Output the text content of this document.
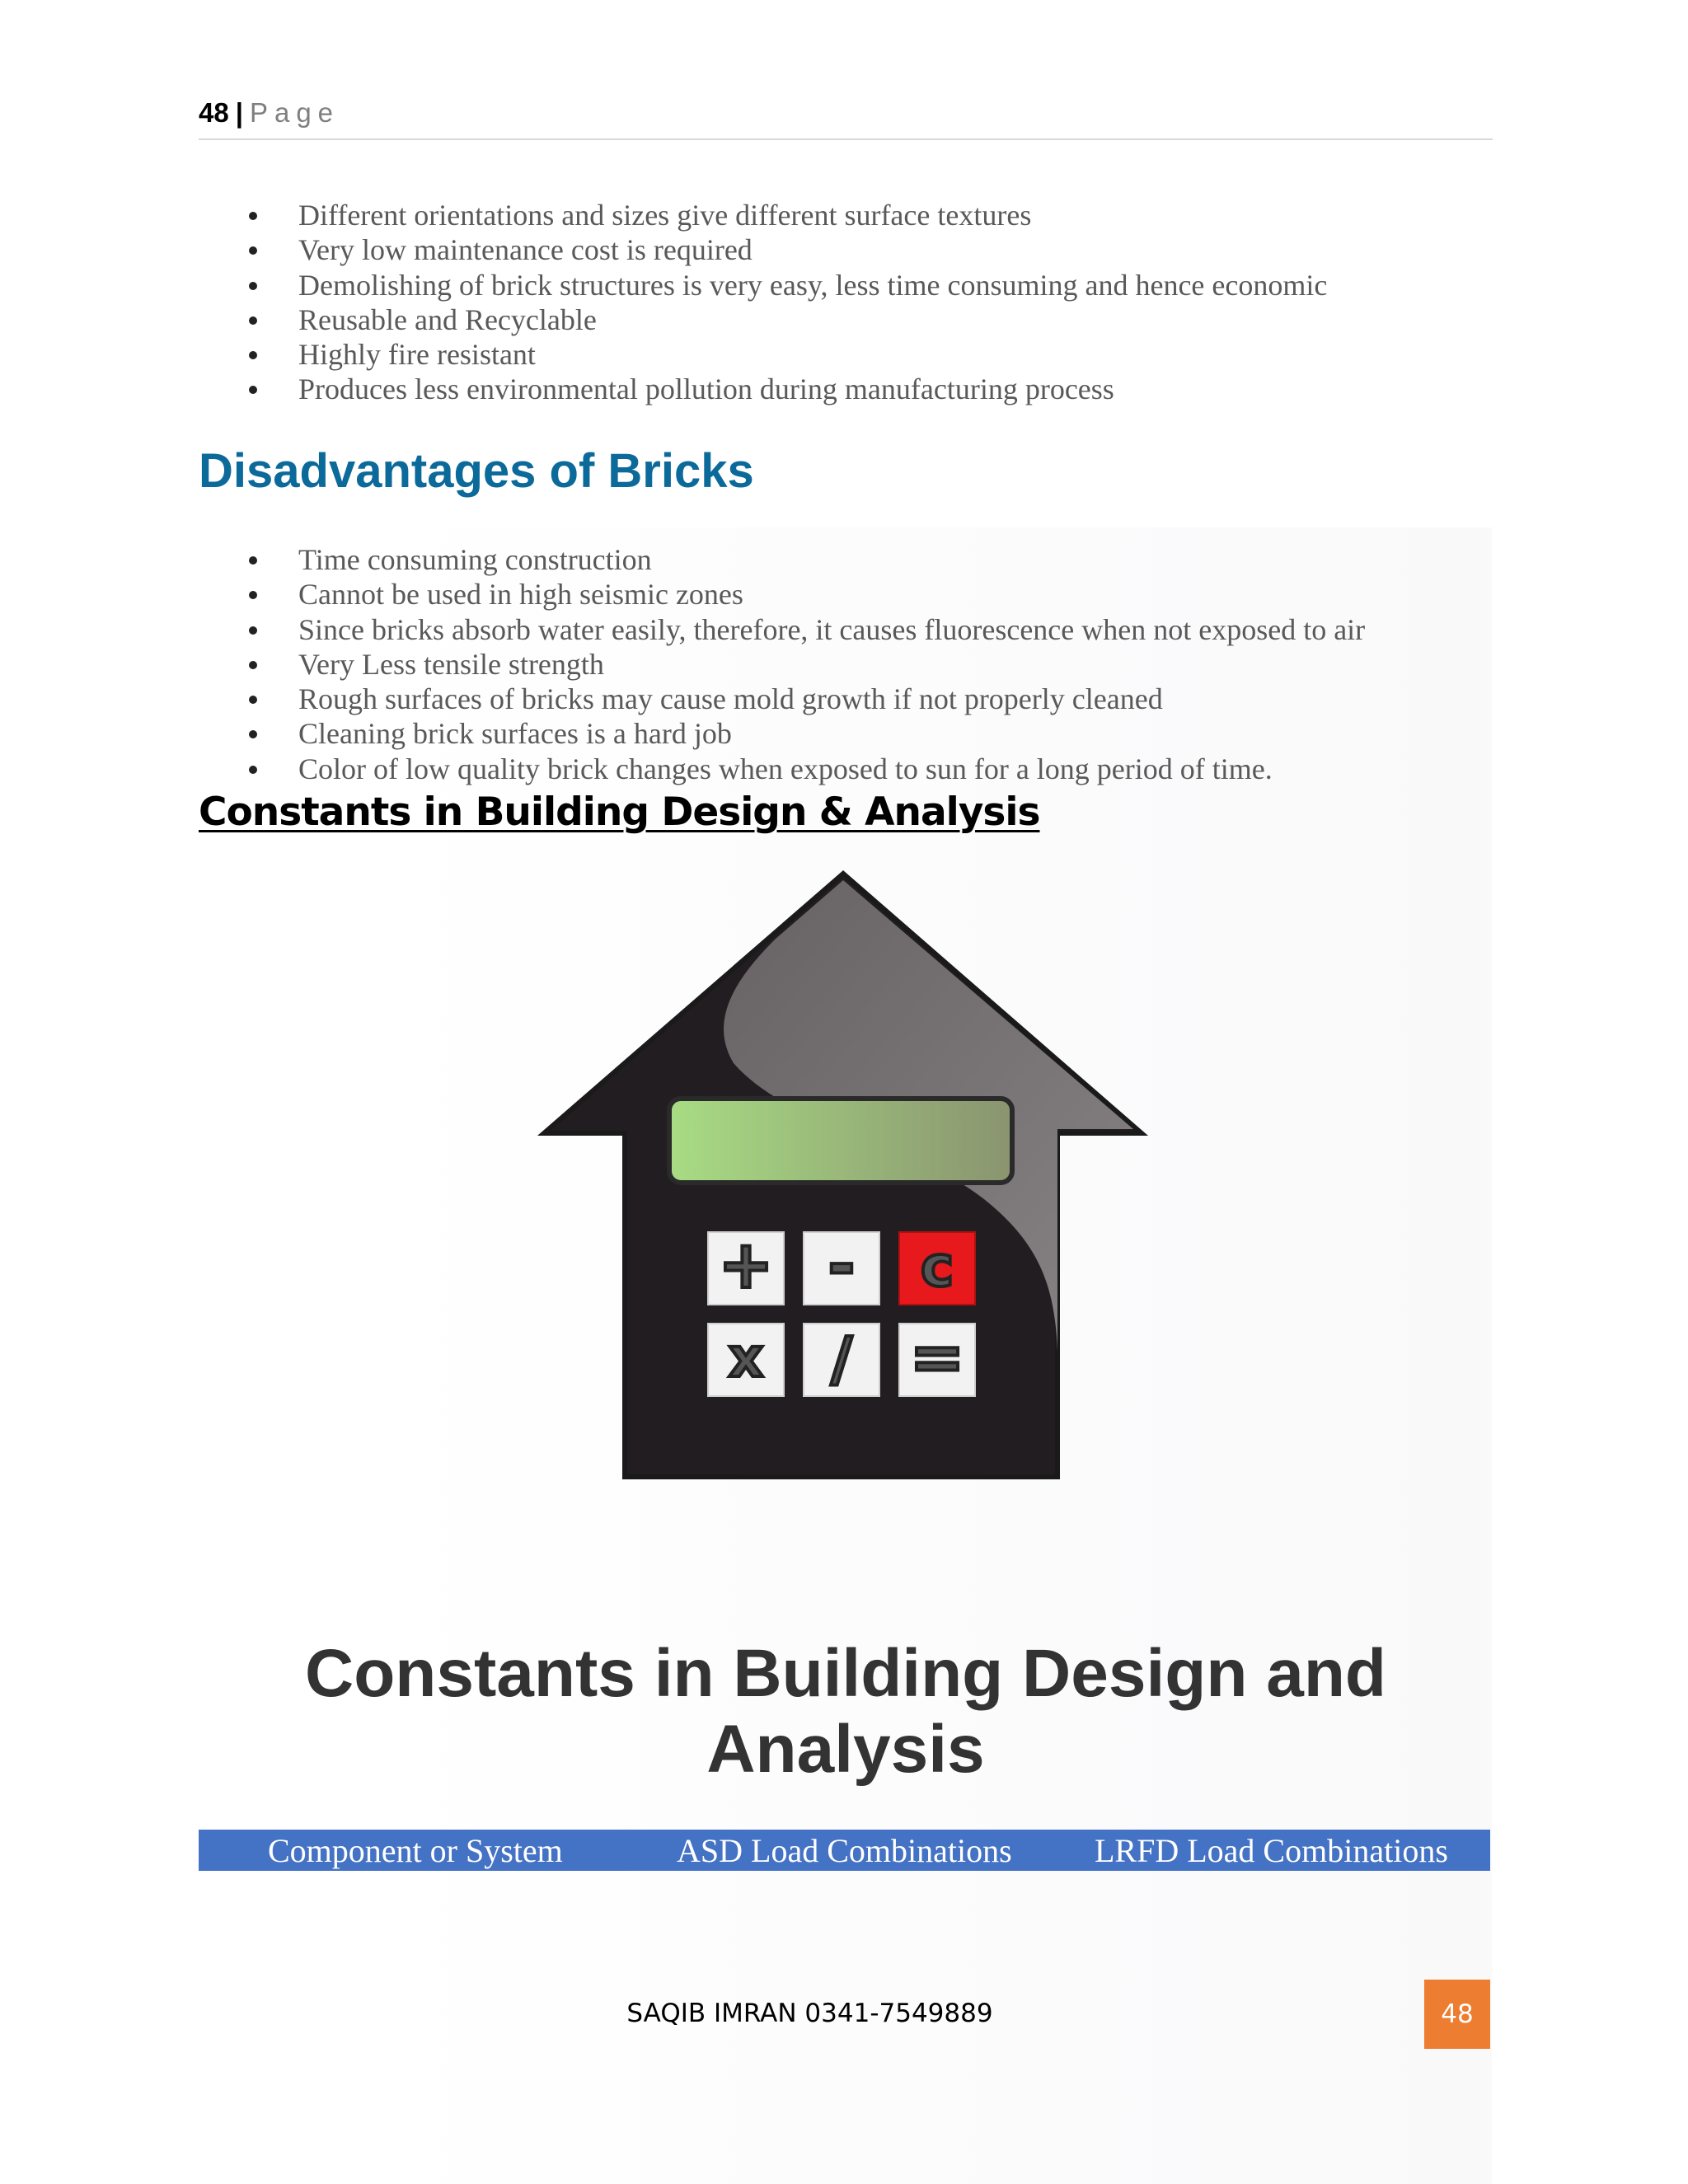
48 | Page
Different orientations and sizes give different surface textures
Very low maintenance cost is required
Demolishing of brick structures is very easy, less time consuming and hence economic
Reusable and Recyclable
Highly fire resistant
Produces less environmental pollution during manufacturing process
Disadvantages of Bricks
Time consuming construction
Cannot be used in high seismic zones
Since bricks absorb water easily, therefore, it causes fluorescence when not exposed to air
Very Less tensile strength
Rough surfaces of bricks may cause mold growth if not properly cleaned
Cleaning brick surfaces is a hard job
Color of low quality brick changes when exposed to sun for a long period of time.
Constants in Building Design & Analysis
+ - c
x / =
Constants in Building Design and
Analysis
Component or System	ASD Load Combinations	LRFD Load Combinations
SAQIB IMRAN 0341-7549889	48
